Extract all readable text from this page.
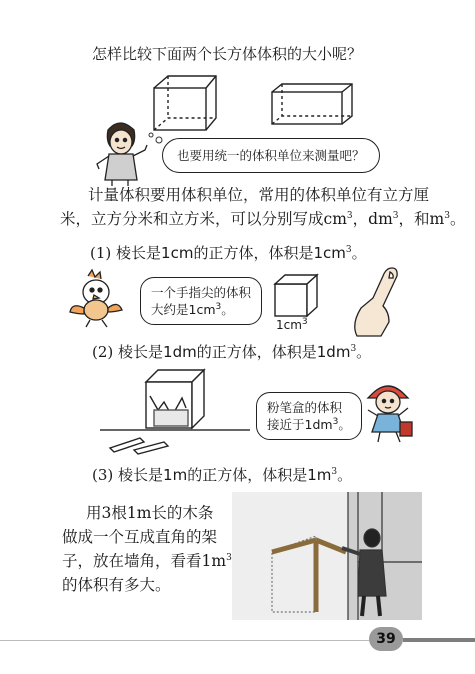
怎样比较下面两个长方体体积的大小呢？
也要用统一的体积单位来测量吧？
计量体积要用体积单位，常用的体积单位有立方厘
米，立方分米和立方米，可以分别写成$cm^3$，$dm^3$，和$m^3$。
(1) 棱长是1cm的正方体，体积是$1cm^3$。
一个手指尖的体积
大约是$1cm^3$。
$1cm^3$
(2) 棱长是1dm的正方体，体积是$1dm^3$。
粉笔盒的体积
接近于$1dm^3$。
(3) 棱长是1m的正方体，体积是$1m^3$。
用3根1m长的木条
做成一个互成直角的架
子，放在墙角，看看$1m^3$
的体积有多大。
39
